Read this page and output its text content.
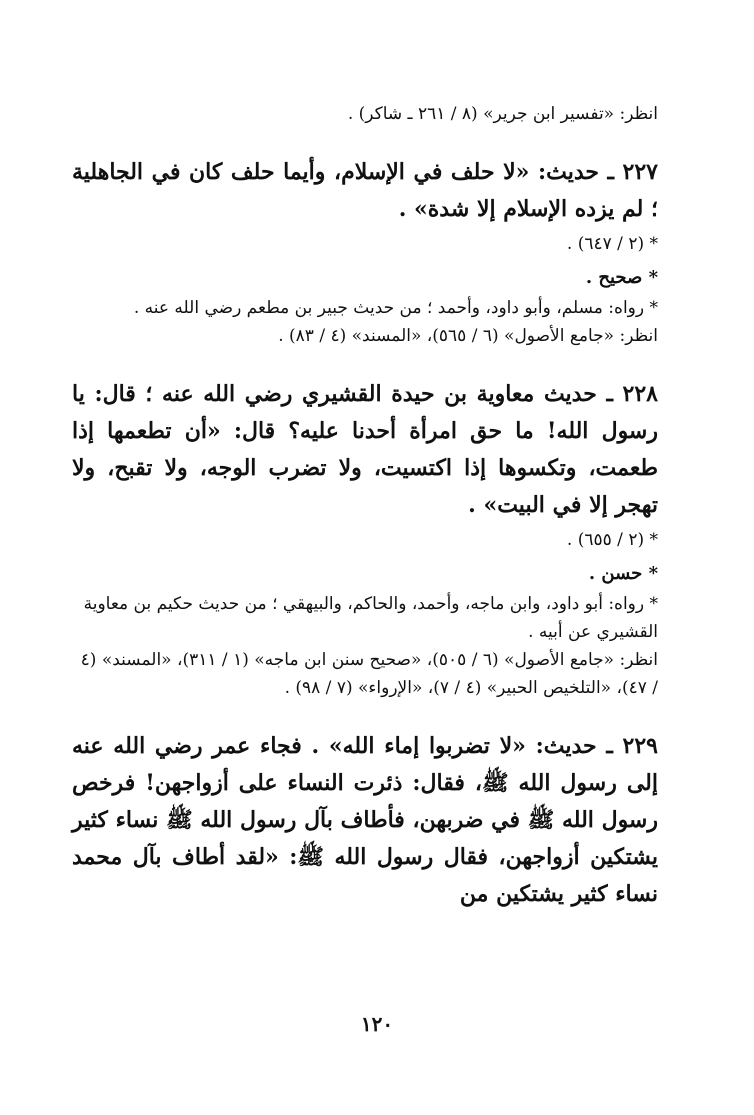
انظر: «تفسير ابن جرير» (٨ / ٢٦١ ـ شاكر) .

٢٢٧ ـ حديث: «لا حلف في الإسلام، وأيما حلف كان في الجاهلية ؛ لم يزده الإسلام إلا شدة» .

* (٢ / ٦٤٧) .

* صحيح .

* رواه: مسلم، وأبو داود، وأحمد ؛ من حديث جبير بن مطعم رضي الله عنه .

انظر: «جامع الأصول» (٦ / ٥٦٥)، «المسند» (٤ / ٨٣) .

٢٢٨ ـ حديث معاوية بن حيدة القشيري رضي الله عنه ؛ قال: يا رسول الله! ما حق امرأة أحدنا عليه؟ قال: «أن تطعمها إذا طعمت، وتكسوها إذا اكتسيت، ولا تضرب الوجه، ولا تقبح، ولا تهجر إلا في البيت» .

* (٢ / ٦٥٥) .

* حسن .

* رواه: أبو داود، وابن ماجه، وأحمد، والحاكم، والبيهقي ؛ من حديث حكيم بن معاوية القشيري عن أبيه .

انظر: «جامع الأصول» (٦ / ٥٠٥)، «صحيح سنن ابن ماجه» (١ / ٣١١)، «المسند» (٤ / ٤٧)، «التلخيص الحبير» (٤ / ٧)، «الإرواء» (٧ / ٩٨) .

٢٢٩ ـ حديث: «لا تضربوا إماء الله» . فجاء عمر رضي الله عنه إلى رسول الله ﷺ، فقال: ذئرت النساء على أزواجهن! فرخص رسول الله ﷺ في ضربهن، فأطاف بآل رسول الله ﷺ نساء كثير يشتكين أزواجهن، فقال رسول الله ﷺ: «لقد أطاف بآل محمد نساء كثير يشتكين من

١٢٠
